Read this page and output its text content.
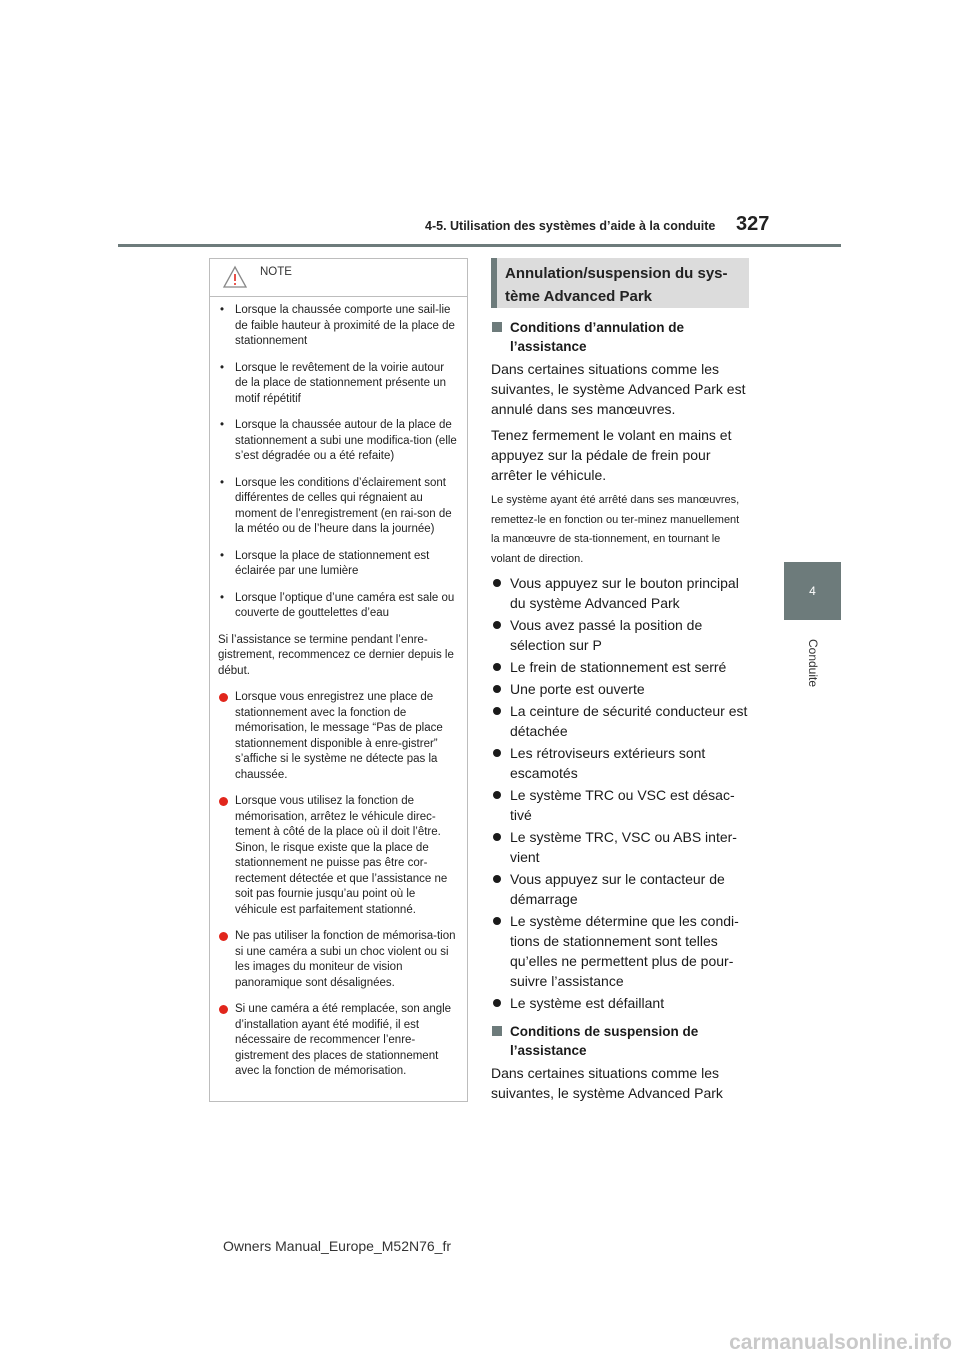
4-5. Utilisation des systèmes d’aide à la conduite 327
4
Conduite
NOTE
• Lorsque la chaussée comporte une sail-lie de faible hauteur à proximité de la place de stationnement
• Lorsque le revêtement de la voirie autour de la place de stationnement présente un motif répétitif
• Lorsque la chaussée autour de la place de stationnement a subi une modifica-tion (elle s’est dégradée ou a été refaite)
• Lorsque les conditions d’éclairement sont différentes de celles qui régnaient au moment de l’enregistrement (en rai-son de la météo ou de l’heure dans la journée)
• Lorsque la place de stationnement est éclairée par une lumière
• Lorsque l’optique d’une caméra est sale ou couverte de gouttelettes d’eau
Si l’assistance se termine pendant l’enre-gistrement, recommencez ce dernier depuis le début.
Lorsque vous enregistrez une place de stationnement avec la fonction de mémorisation, le message “Pas de place stationnement disponible à enre-gistrer” s’affiche si le système ne détecte pas la chaussée.
Lorsque vous utilisez la fonction de mémorisation, arrêtez le véhicule direc-tement à côté de la place où il doit l’être. Sinon, le risque existe que la place de stationnement ne puisse pas être cor-rectement détectée et que l’assistance ne soit pas fournie jusqu’au point où le véhicule est parfaitement stationné.
Ne pas utiliser la fonction de mémorisa-tion si une caméra a subi un choc violent ou si les images du moniteur de vision panoramique sont désalignées.
Si une caméra a été remplacée, son angle d’installation ayant été modifié, il est nécessaire de recommencer l’enre-gistrement des places de stationnement avec la fonction de mémorisation.
Annulation/suspension du sys-
tème Advanced Park
Conditions d’annulation de
l’assistance
Dans certaines situations comme les suivantes, le système Advanced Park est annulé dans ses manœuvres.
Tenez fermement le volant en mains et appuyez sur la pédale de frein pour arrêter le véhicule.
Le système ayant été arrêté dans ses manœuvres, remettez-le en fonction ou ter-minez manuellement la manœuvre de sta-tionnement, en tournant le volant de direction.
Vous appuyez sur le bouton principal du système Advanced Park
Vous avez passé la position de sélection sur P
Le frein de stationnement est serré
Une porte est ouverte
La ceinture de sécurité conducteur est détachée
Les rétroviseurs extérieurs sont escamotés
Le système TRC ou VSC est désac-tivé
Le système TRC, VSC ou ABS inter-vient
Vous appuyez sur le contacteur de démarrage
Le système détermine que les condi-tions de stationnement sont telles qu’elles ne permettent plus de pour-suivre l’assistance
Le système est défaillant
Conditions de suspension de
l’assistance
Dans certaines situations comme les suivantes, le système Advanced Park
Owners Manual_Europe_M52N76_fr
carmanualsonline.info
